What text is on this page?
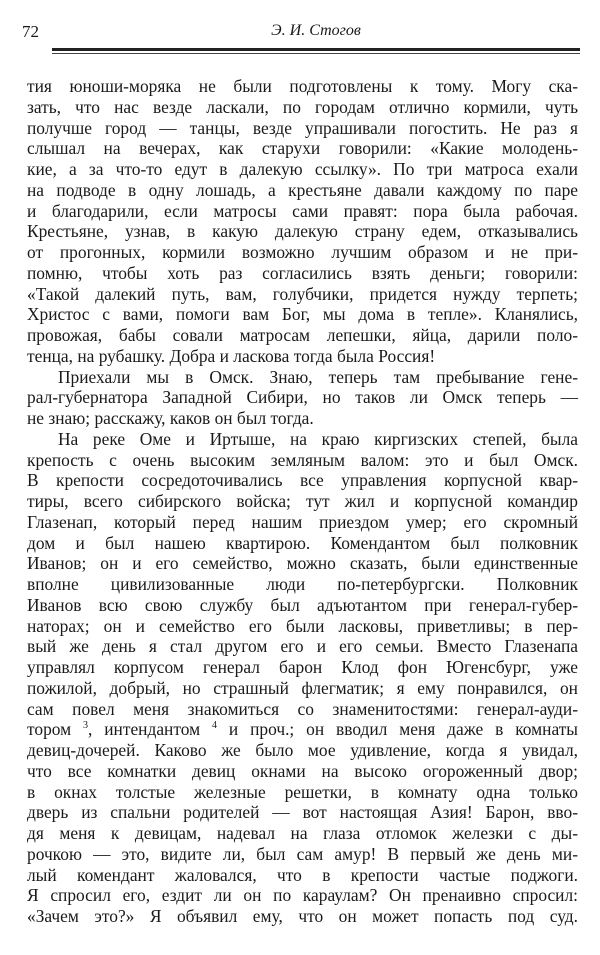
72	Э. И. Стогов
тия юноши-моряка не были подготовлены к тому. Могу ска-
зать, что нас везде ласкали, по городам отлично кормили, чуть
получше город — танцы, везде упрашивали погостить. Не раз я
слышал на вечерах, как старухи говорили: «Какие молодень-
кие, а за что-то едут в далекую ссылку». По три матроса ехали
на подводе в одну лошадь, а крестьяне давали каждому по паре
и благодарили, если матросы сами правят: пора была рабочая.
Крестьяне, узнав, в какую далекую страну едем, отказывались
от прогонных, кормили возможно лучшим образом и не при-
помню, чтобы хоть раз согласились взять деньги; говорили:
«Такой далекий путь, вам, голубчики, придется нужду терпеть;
Христос с вами, помоги вам Бог, мы дома в тепле». Кланялись,
провожая, бабы совали матросам лепешки, яйца, дарили поло-
тенца, на рубашку. Добра и ласкова тогда была Россия!
Приехали мы в Омск. Знаю, теперь там пребывание гене-
рал-губернатора Западной Сибири, но таков ли Омск теперь —
не знаю; расскажу, каков он был тогда.
На реке Оме и Иртыше, на краю киргизских степей, была
крепость с очень высоким земляным валом: это и был Омск.
В крепости сосредоточивались все управления корпусной квар-
тиры, всего сибирского войска; тут жил и корпусной командир
Глазенап, который перед нашим приездом умер; его скромный
дом и был нашею квартирою. Комендантом был полковник
Иванов; он и его семейство, можно сказать, были единственные
вполне цивилизованные люди по-петербургски. Полковник
Иванов всю свою службу был адъютантом при генерал-губер-
наторах; он и семейство его были ласковы, приветливы; в пер-
вый же день я стал другом его и его семьи. Вместо Глазенапа
управлял корпусом генерал барон Клод фон Югенсбург, уже
пожилой, добрый, но страшный флегматик; я ему понравился, он
сам повел меня знакомиться со знаменитостями: генерал-ауди-
тором $^3$, интендантом $^4$ и проч.; он вводил меня даже в комнаты
девиц-дочерей. Каково же было мое удивление, когда я увидал,
что все комнатки девиц окнами на высоко огороженный двор;
в окнах толстые железные решетки, в комнату одна только
дверь из спальни родителей — вот настоящая Азия! Барон, вво-
дя меня к девицам, надевал на глаза отломок железки с ды-
рочкою — это, видите ли, был сам амур! В первый же день ми-
лый комендант жаловался, что в крепости частые поджоги.
Я спросил его, ездит ли он по караулам? Он пренаивно спросил:
«Зачем это?» Я объявил ему, что он может попасть под суд.
